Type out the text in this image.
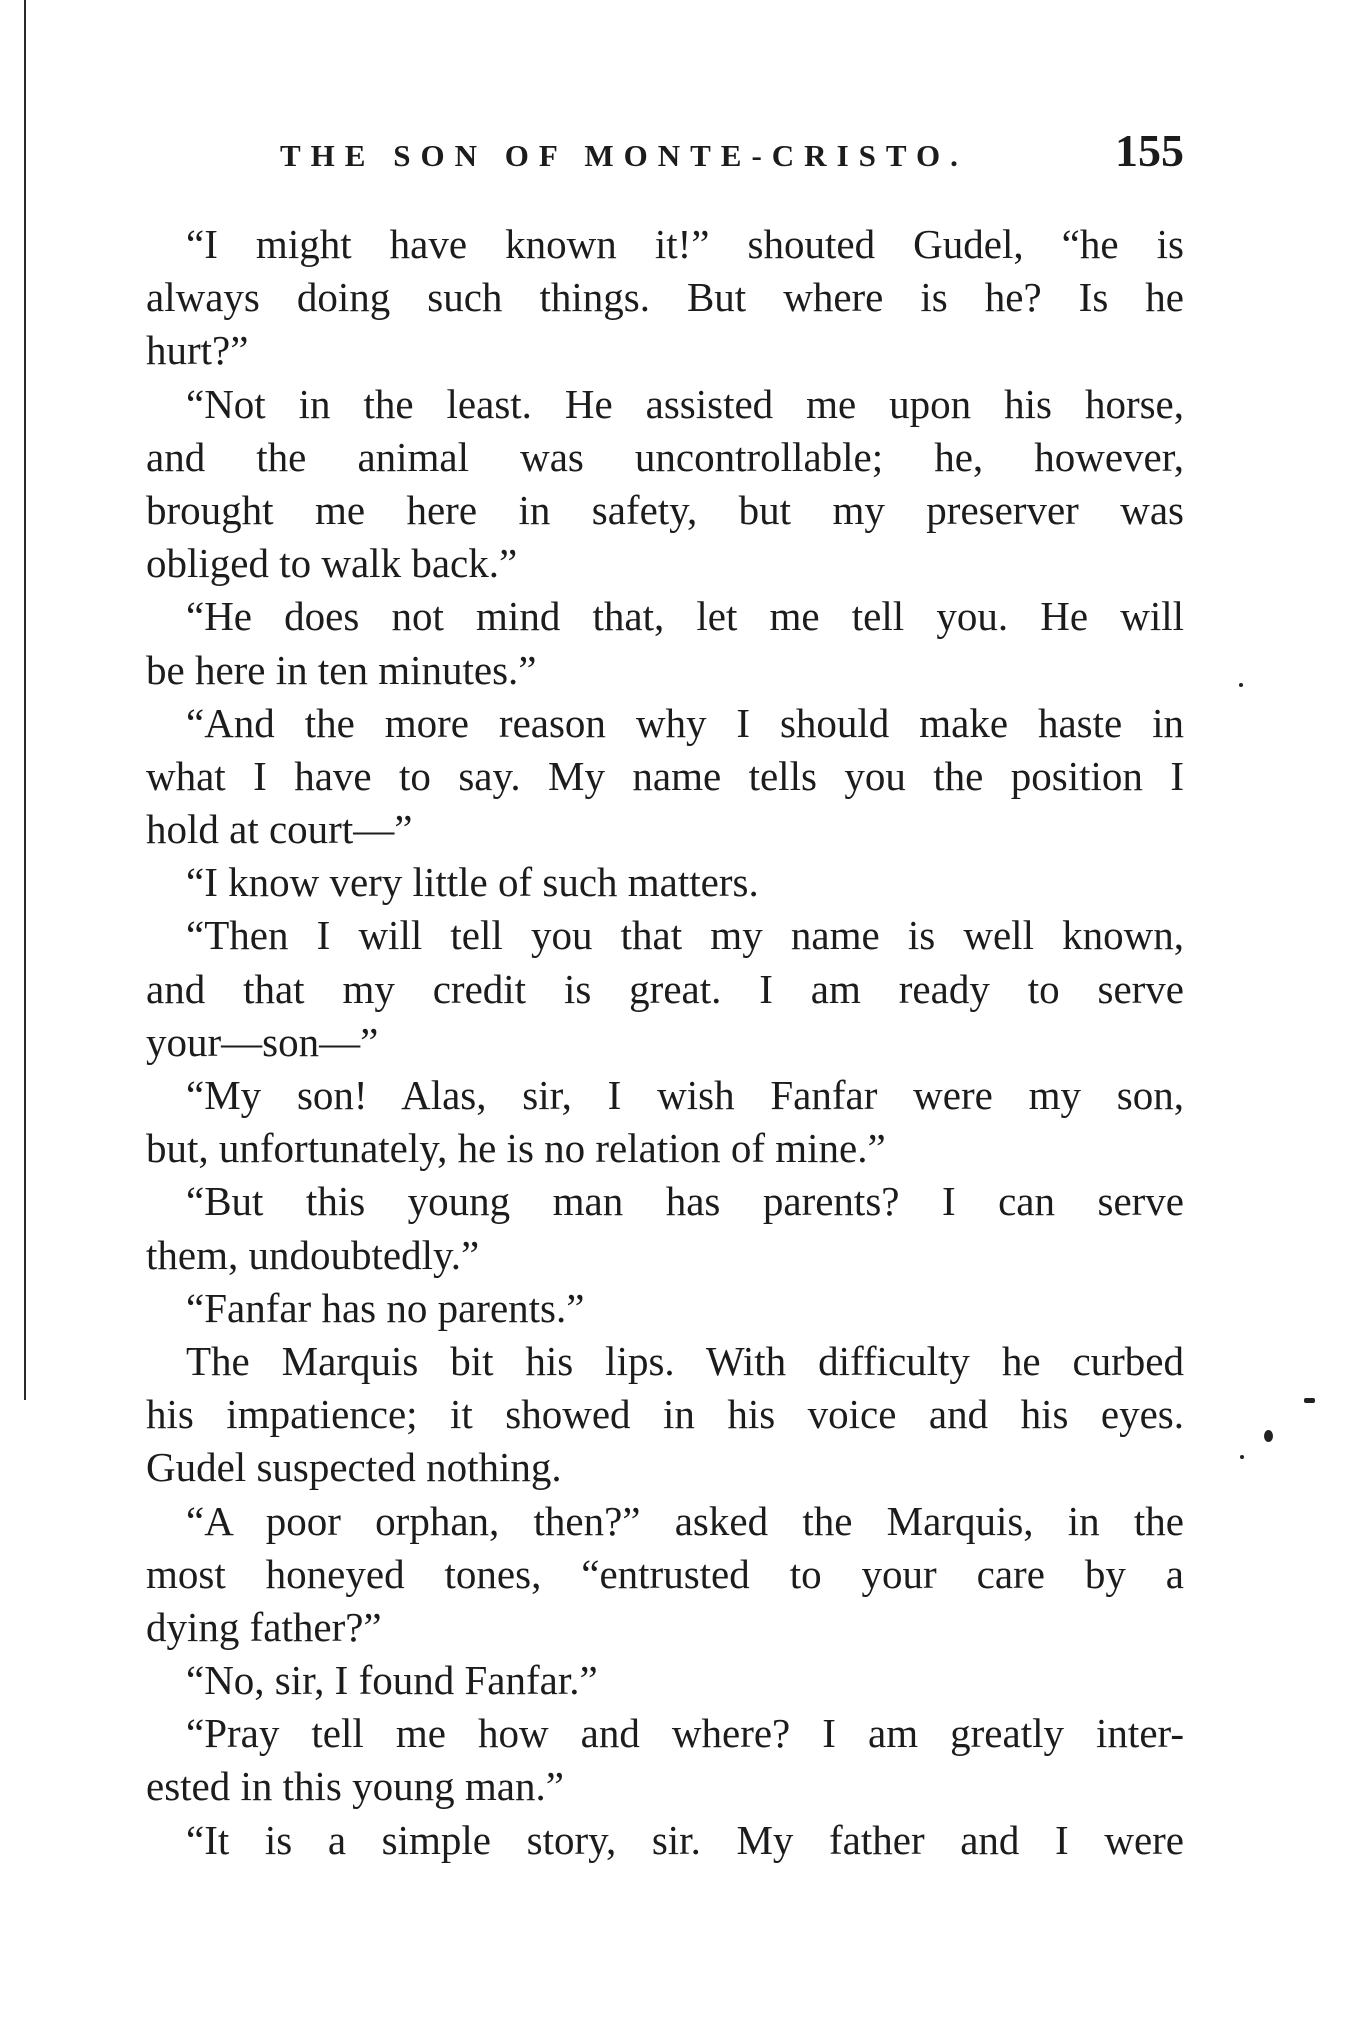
THE SON OF MONTE-CRISTO.	155
“I might have known it!” shouted Gudel, “he is
always doing such things. But where is he? Is he
hurt?”
“Not in the least. He assisted me upon his horse,
and the animal was uncontrollable; he, however,
brought me here in safety, but my preserver was
obliged to walk back.”
“He does not mind that, let me tell you. He will
be here in ten minutes.”
“And the more reason why I should make haste in
what I have to say. My name tells you the position I
hold at court—”
“I know very little of such matters.
“Then I will tell you that my name is well known,
and that my credit is great. I am ready to serve
your—son—”
“My son! Alas, sir, I wish Fanfar were my son,
but, unfortunately, he is no relation of mine.”
“But this young man has parents? I can serve
them, undoubtedly.”
“Fanfar has no parents.”
The Marquis bit his lips. With difficulty he curbed
his impatience; it showed in his voice and his eyes.
Gudel suspected nothing.
“A poor orphan, then?” asked the Marquis, in the
most honeyed tones, “entrusted to your care by a
dying father?”
“No, sir, I found Fanfar.”
“Pray tell me how and where? I am greatly inter-
ested in this young man.”
“It is a simple story, sir. My father and I were
